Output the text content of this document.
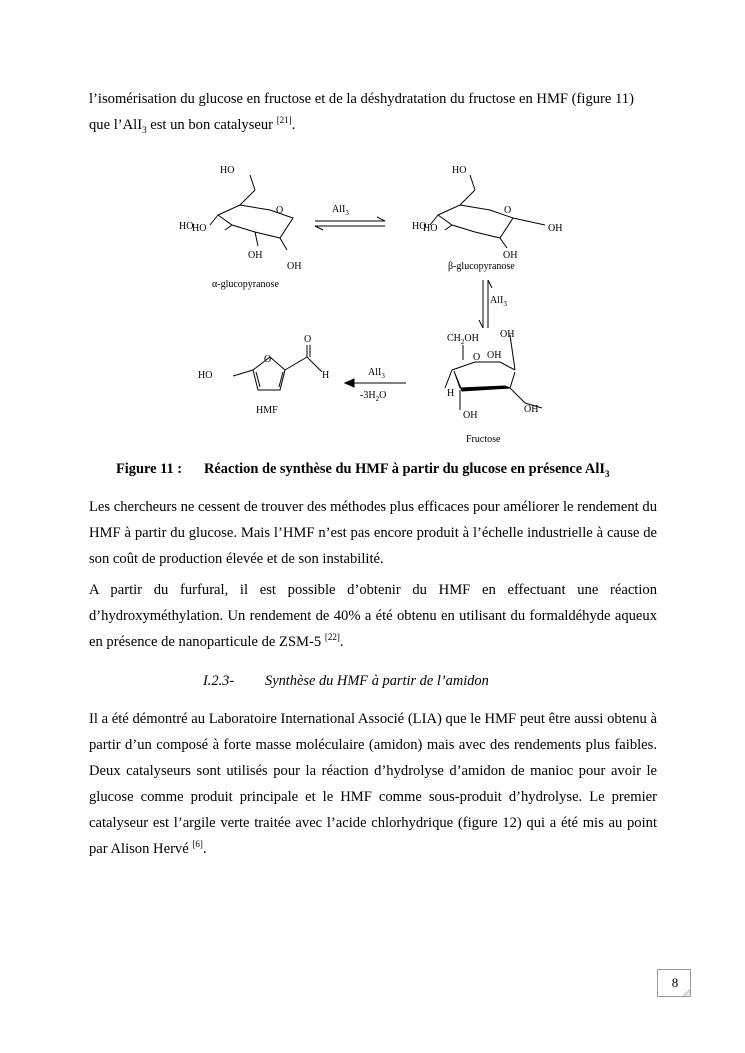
l’isomérisation du glucose en fructose et de la déshydratation du fructose en HMF (figure 11)
que l’AlI$_3$ est un bon catalyseur [21].

HO
O
HO
HO
OH
OH
α-glucopyranose
AlI$_3$
HO
O
HO
HO	OH
OH
β-glucopyranose
AlI$_3$
$CH_2OH$ OH
O OH
H
OH
OH
Fructose
HO
O
O
H
HMF
AlI$_3$
$-3H_2O$
Figure 11 : Réaction de synthèse du HMF à partir du glucose en présence AlI$_3$

Les chercheurs ne cessent de trouver des méthodes plus efficaces pour améliorer le rendement du HMF à partir du glucose. Mais l’HMF n’est pas encore produit à l’échelle industrielle à cause de son coût de production élevée et de son instabilité.

A partir du furfural, il est possible d’obtenir du HMF en effectuant une réaction d’hydroxyméthylation. Un rendement de 40% a été obtenu en utilisant du formaldéhyde aqueux en présence de nanoparticule de ZSM-5 [22].

I.2.3- Synthèse du HMF à partir de l’amidon

Il a été démontré au Laboratoire International Associé (LIA) que le HMF peut être aussi obtenu à partir d’un composé à forte masse moléculaire (amidon) mais avec des rendements plus faibles. Deux catalyseurs sont utilisés pour la réaction d’hydrolyse d’amidon de manioc pour avoir le glucose comme produit principale et le HMF comme sous-produit d’hydrolyse. Le premier catalyseur est l’argile verte traitée avec l’acide chlorhydrique (figure 12) qui a été mis au point par Alison Hervé [6].

8
